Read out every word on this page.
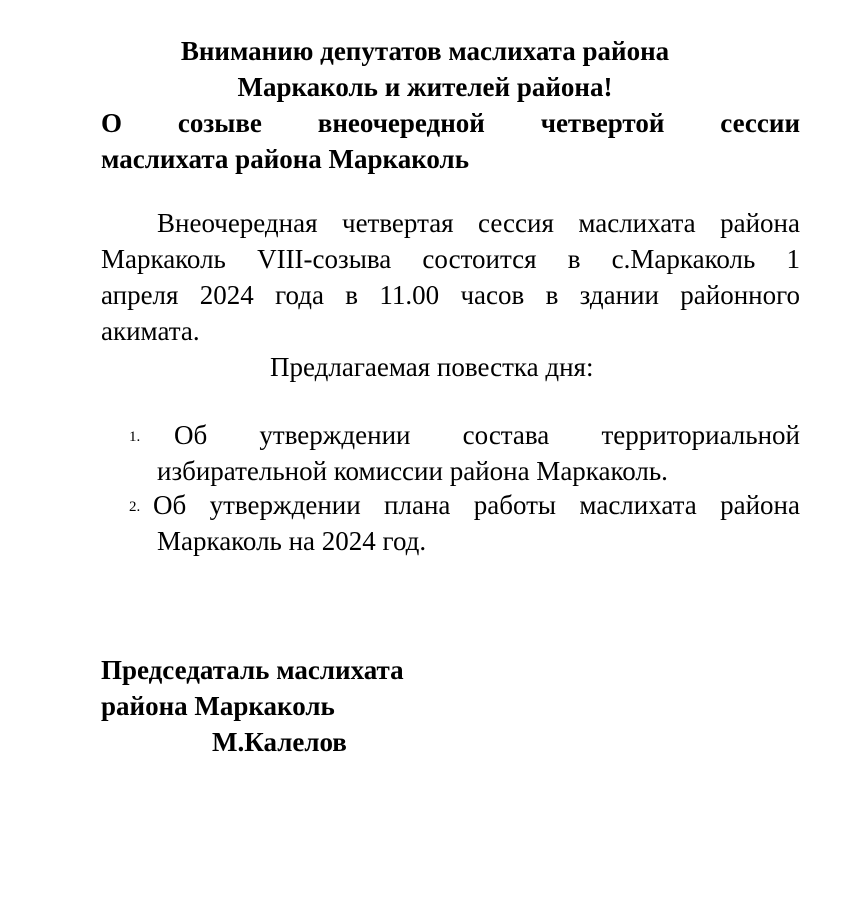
Вниманию депутатов маслихата района
Маркаколь и жителей района!
О созыве внеочередной четвертой сессии
маслихата района Маркаколь
Внеочередная четвертая сессия маслихата района
Маркаколь VIII-созыва состоится в с.Маркаколь 1
апреля 2024 года в 11.00 часов в здании районного
акимата.
Предлагаемая повестка дня:
1. Об утверждении состава территориальной
избирательной комиссии района Маркаколь.
2. Об утверждении плана работы маслихата района
Маркаколь на 2024 год.
Председаталь маслихата
района Маркаколь
М.Калелов
